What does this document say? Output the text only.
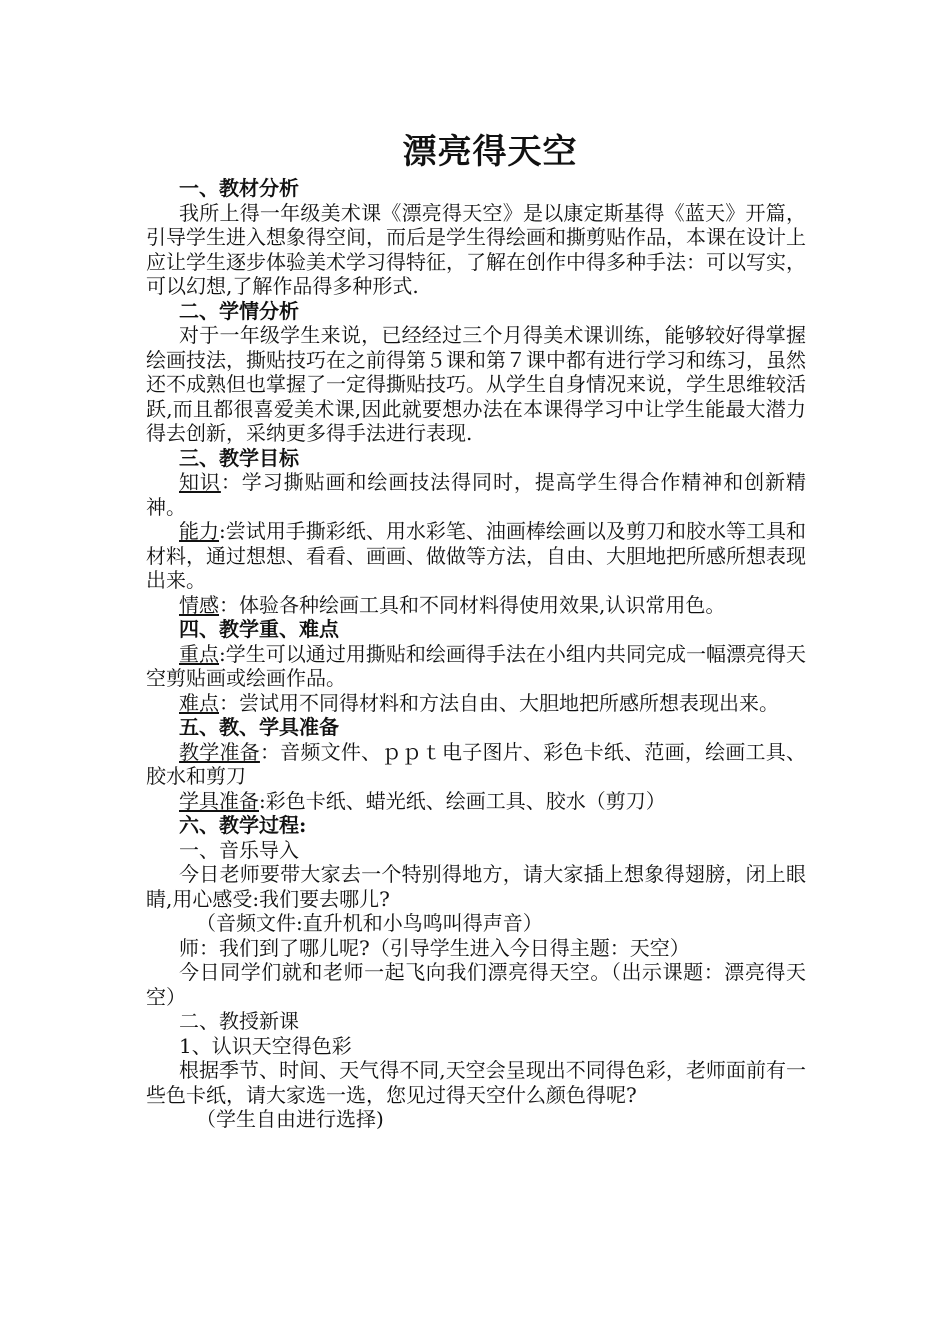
漂亮得天空
一、教材分析

我所上得一年级美术课《漂亮得天空》是以康定斯基得《蓝天》开篇，引导学生进入想象得空间，而后是学生得绘画和撕剪贴作品，本课在设计上应让学生逐步体验美术学习得特征，了解在创作中得多种手法：可以写实，可以幻想,了解作品得多种形式.

二、学情分析

对于一年级学生来说，已经经过三个月得美术课训练，能够较好得掌握绘画技法，撕贴技巧在之前得第５课和第７课中都有进行学习和练习，虽然还不成熟但也掌握了一定得撕贴技巧。从学生自身情况来说，学生思维较活跃,而且都很喜爱美术课,因此就要想办法在本课得学习中让学生能最大潜力得去创新，采纳更多得手法进行表现.

三、教学目标

知识：学习撕贴画和绘画技法得同时，提高学生得合作精神和创新精神。

能力:尝试用手撕彩纸、用水彩笔、油画棒绘画以及剪刀和胶水等工具和材料，通过想想、看看、画画、做做等方法，自由、大胆地把所感所想表现出来。

情感：体验各种绘画工具和不同材料得使用效果,认识常用色。

四、教学重、难点

重点:学生可以通过用撕贴和绘画得手法在小组内共同完成一幅漂亮得天空剪贴画或绘画作品。

难点：尝试用不同得材料和方法自由、大胆地把所感所想表现出来。

五、教、学具准备

教学准备：音频文件、ｐｐｔ电子图片、彩色卡纸、范画，绘画工具、胶水和剪刀

学具准备:彩色卡纸、蜡光纸、绘画工具、胶水（剪刀）

六、教学过程:

一、音乐导入

今日老师要带大家去一个特别得地方，请大家插上想象得翅膀，闭上眼睛,用心感受:我们要去哪儿?

（音频文件:直升机和小鸟鸣叫得声音）

师：我们到了哪儿呢?（引导学生进入今日得主题：天空）

今日同学们就和老师一起飞向我们漂亮得天空。（出示课题：漂亮得天空）

二、教授新课

1、认识天空得色彩

根据季节、时间、天气得不同,天空会呈现出不同得色彩，老师面前有一些色卡纸，请大家选一选，您见过得天空什么颜色得呢?

（学生自由进行选择)
